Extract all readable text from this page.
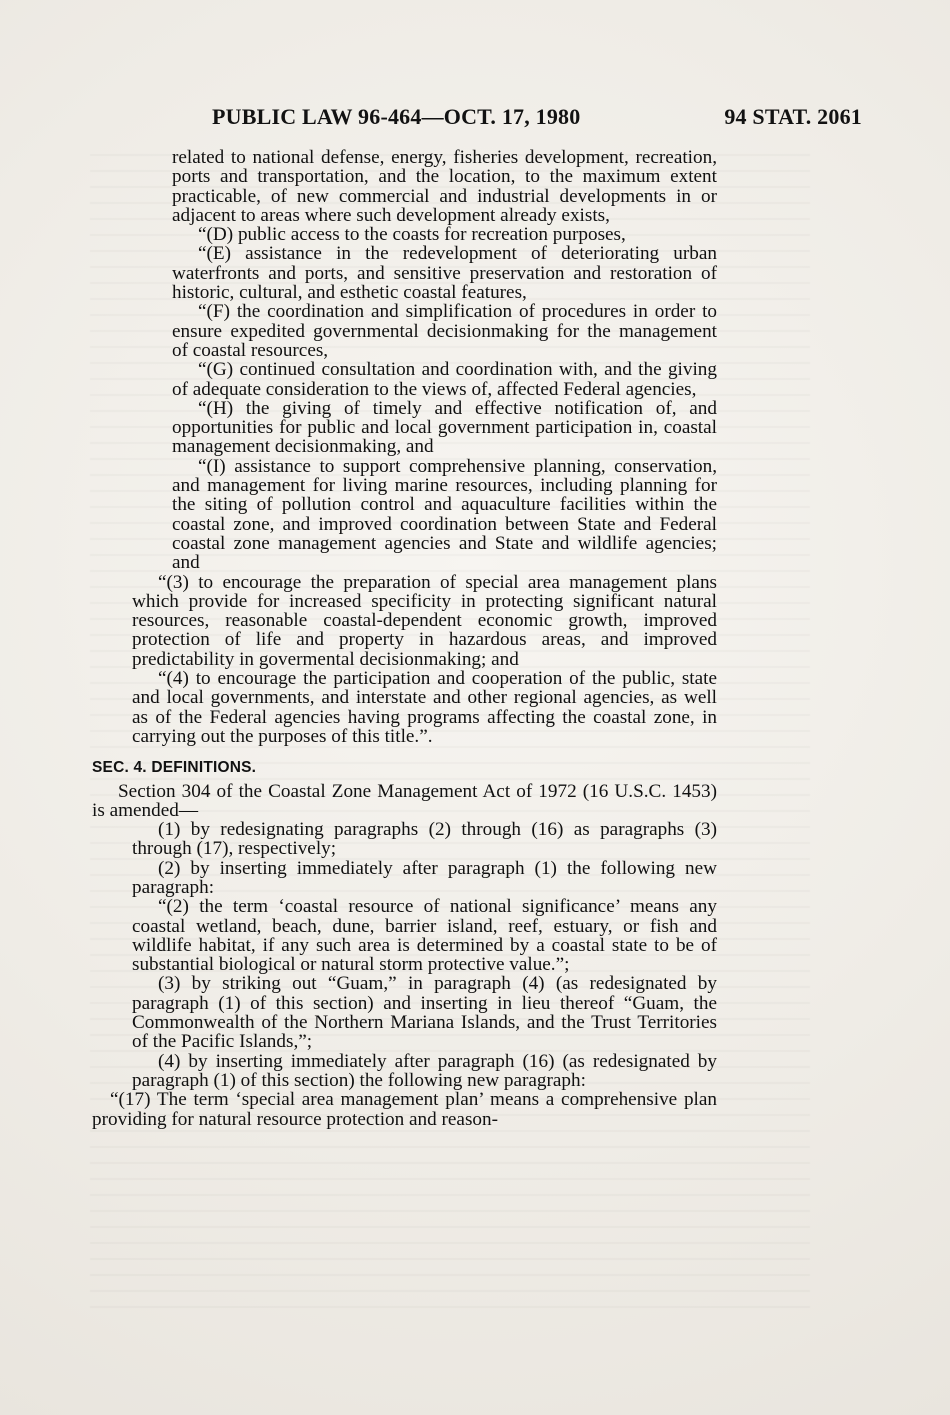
PUBLIC LAW 96-464—OCT. 17, 1980	94 STAT. 2061

related to national defense, energy, fisheries development, recreation, ports and transportation, and the location, to the maximum extent practicable, of new commercial and industrial developments in or adjacent to areas where such development already exists,

“(D) public access to the coasts for recreation purposes,

“(E) assistance in the redevelopment of deteriorating urban waterfronts and ports, and sensitive preservation and restoration of historic, cultural, and esthetic coastal features,

“(F) the coordination and simplification of procedures in order to ensure expedited governmental decisionmaking for the management of coastal resources,

“(G) continued consultation and coordination with, and the giving of adequate consideration to the views of, affected Federal agencies,

“(H) the giving of timely and effective notification of, and opportunities for public and local government participation in, coastal management decisionmaking, and

“(I) assistance to support comprehensive planning, conservation, and management for living marine resources, including planning for the siting of pollution control and aquaculture facilities within the coastal zone, and improved coordination between State and Federal coastal zone management agencies and State and wildlife agencies; and

“(3) to encourage the preparation of special area management plans which provide for increased specificity in protecting significant natural resources, reasonable coastal-dependent economic growth, improved protection of life and property in hazardous areas, and improved predictability in govermental decisionmaking; and

“(4) to encourage the participation and cooperation of the public, state and local governments, and interstate and other regional agencies, as well as of the Federal agencies having programs affecting the coastal zone, in carrying out the purposes of this title.”.

SEC. 4. DEFINITIONS.

Section 304 of the Coastal Zone Management Act of 1972 (16 U.S.C. 1453) is amended—

(1) by redesignating paragraphs (2) through (16) as paragraphs (3) through (17), respectively;

(2) by inserting immediately after paragraph (1) the following new paragraph:

“(2) the term ‘coastal resource of national significance’ means any coastal wetland, beach, dune, barrier island, reef, estuary, or fish and wildlife habitat, if any such area is determined by a coastal state to be of substantial biological or natural storm protective value.”;

(3) by striking out “Guam,” in paragraph (4) (as redesignated by paragraph (1) of this section) and inserting in lieu thereof “Guam, the Commonwealth of the Northern Mariana Islands, and the Trust Territories of the Pacific Islands,”;

(4) by inserting immediately after paragraph (16) (as redesignated by paragraph (1) of this section) the following new paragraph:

“(17) The term ‘special area management plan’ means a comprehensive plan providing for natural resource protection and reason-
